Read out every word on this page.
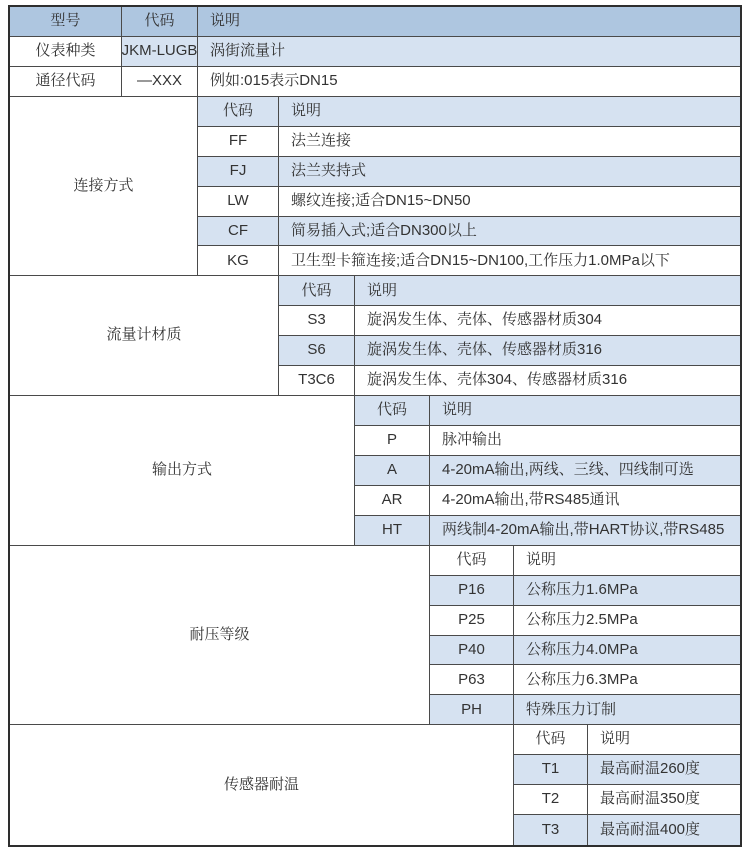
型号	代码 说明
仪表种类 JKM-LUGB 涡街流量计
通径代码	—XXX 例如:015表示DN15
连接方式
代码	说明
FF	法兰连接
FJ	法兰夹持式
LW	螺纹连接;适合DN15~DN50
CF	简易插入式;适合DN300以上
KG	卫生型卡箍连接;适合DN15~DN100,工作压力1.0MPa以下
流量计材质
代码 说明
S3	旋涡发生体、壳体、传感器材质304
S6	旋涡发生体、壳体、传感器材质316
T3C6 旋涡发生体、壳体304、传感器材质316
输出方式
代码 说明
P	脉冲输出
A	4-20mA输出,两线、三线、四线制可选
AR	4-20mA输出,带RS485通讯
HT	两线制4-20mA输出,带HART协议,带RS485
耐压等级
代码	说明
P16	公称压力1.6MPa
P25	公称压力2.5MPa
P40	公称压力4.0MPa
P63	公称压力6.3MPa
PH	特殊压力订制
传感器耐温
代码 说明
T1	最高耐温260度
T2	最高耐温350度
T3	最高耐温400度
